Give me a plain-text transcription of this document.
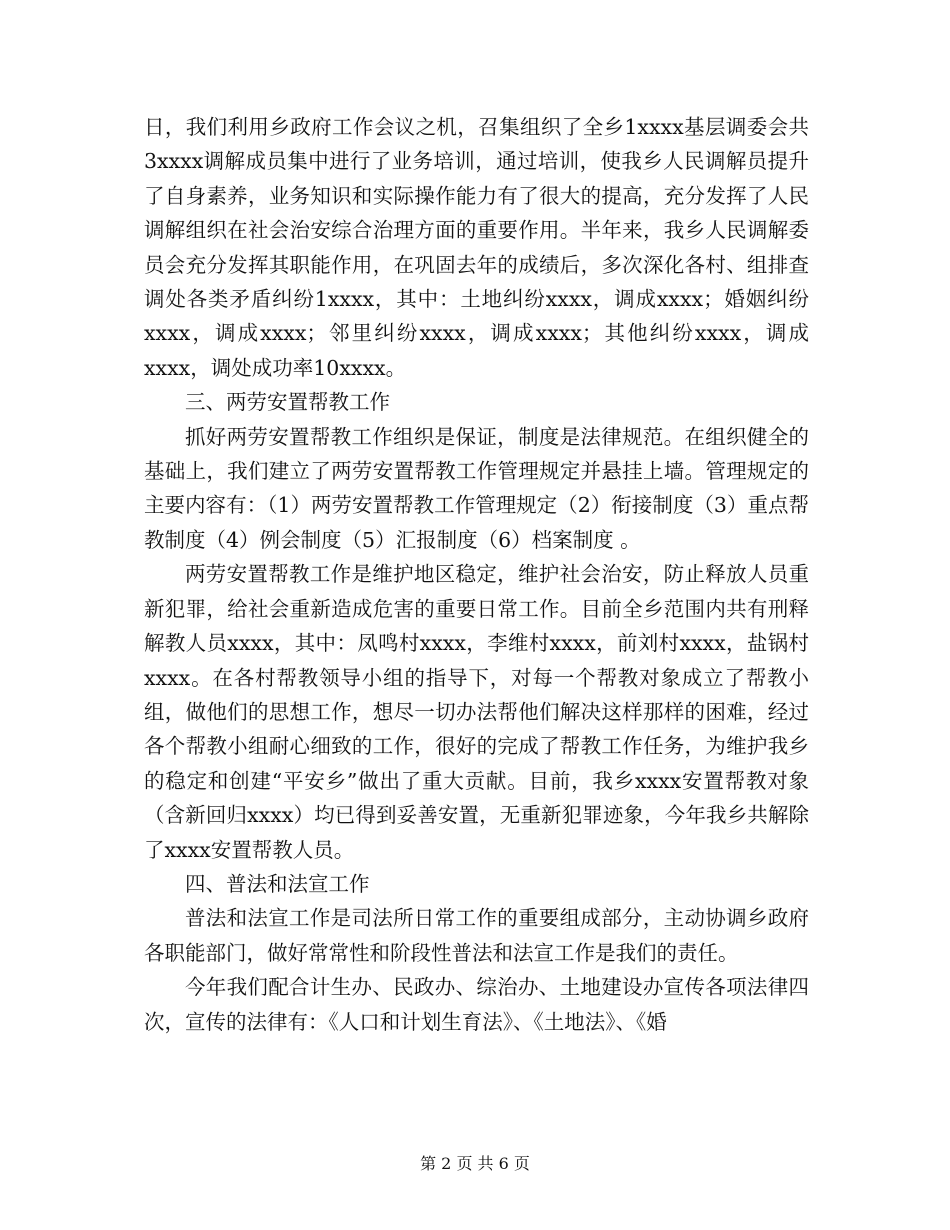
日，我们利用乡政府工作会议之机，召集组织了全乡1xxxx基层调委会共3xxxx调解成员集中进行了业务培训，通过培训，使我乡人民调解员提升了自身素养，业务知识和实际操作能力有了很大的提高，充分发挥了人民调解组织在社会治安综合治理方面的重要作用。半年来，我乡人民调解委员会充分发挥其职能作用，在巩固去年的成绩后，多次深化各村、组排查调处各类矛盾纠纷1xxxx，其中：土地纠纷xxxx，调成xxxx；婚姻纠纷xxxx，调成xxxx；邻里纠纷xxxx，调成xxxx；其他纠纷xxxx，调成xxxx，调处成功率10xxxx。

三、两劳安置帮教工作

抓好两劳安置帮教工作组织是保证，制度是法律规范。在组织健全的基础上，我们建立了两劳安置帮教工作管理规定并悬挂上墙。管理规定的主要内容有：（1）两劳安置帮教工作管理规定（2）衔接制度（3）重点帮教制度（4）例会制度（5）汇报制度（6）档案制度 。

两劳安置帮教工作是维护地区稳定，维护社会治安，防止释放人员重新犯罪，给社会重新造成危害的重要日常工作。目前全乡范围内共有刑释解教人员xxxx，其中：凤鸣村xxxx，李维村xxxx，前刘村xxxx，盐锅村xxxx。在各村帮教领导小组的指导下，对每一个帮教对象成立了帮教小组，做他们的思想工作，想尽一切办法帮他们解决这样那样的困难，经过各个帮教小组耐心细致的工作，很好的完成了帮教工作任务，为维护我乡的稳定和创建“平安乡”做出了重大贡献。目前，我乡xxxx安置帮教对象（含新回归xxxx）均已得到妥善安置，无重新犯罪迹象，今年我乡共解除了xxxx安置帮教人员。

四、普法和法宣工作

普法和法宣工作是司法所日常工作的重要组成部分，主动协调乡政府各职能部门，做好常常性和阶段性普法和法宣工作是我们的责任。

今年我们配合计生办、民政办、综治办、土地建设办宣传各项法律四次，宣传的法律有：《人口和计划生育法》、《土地法》、《婚

第 2 页 共 6 页
